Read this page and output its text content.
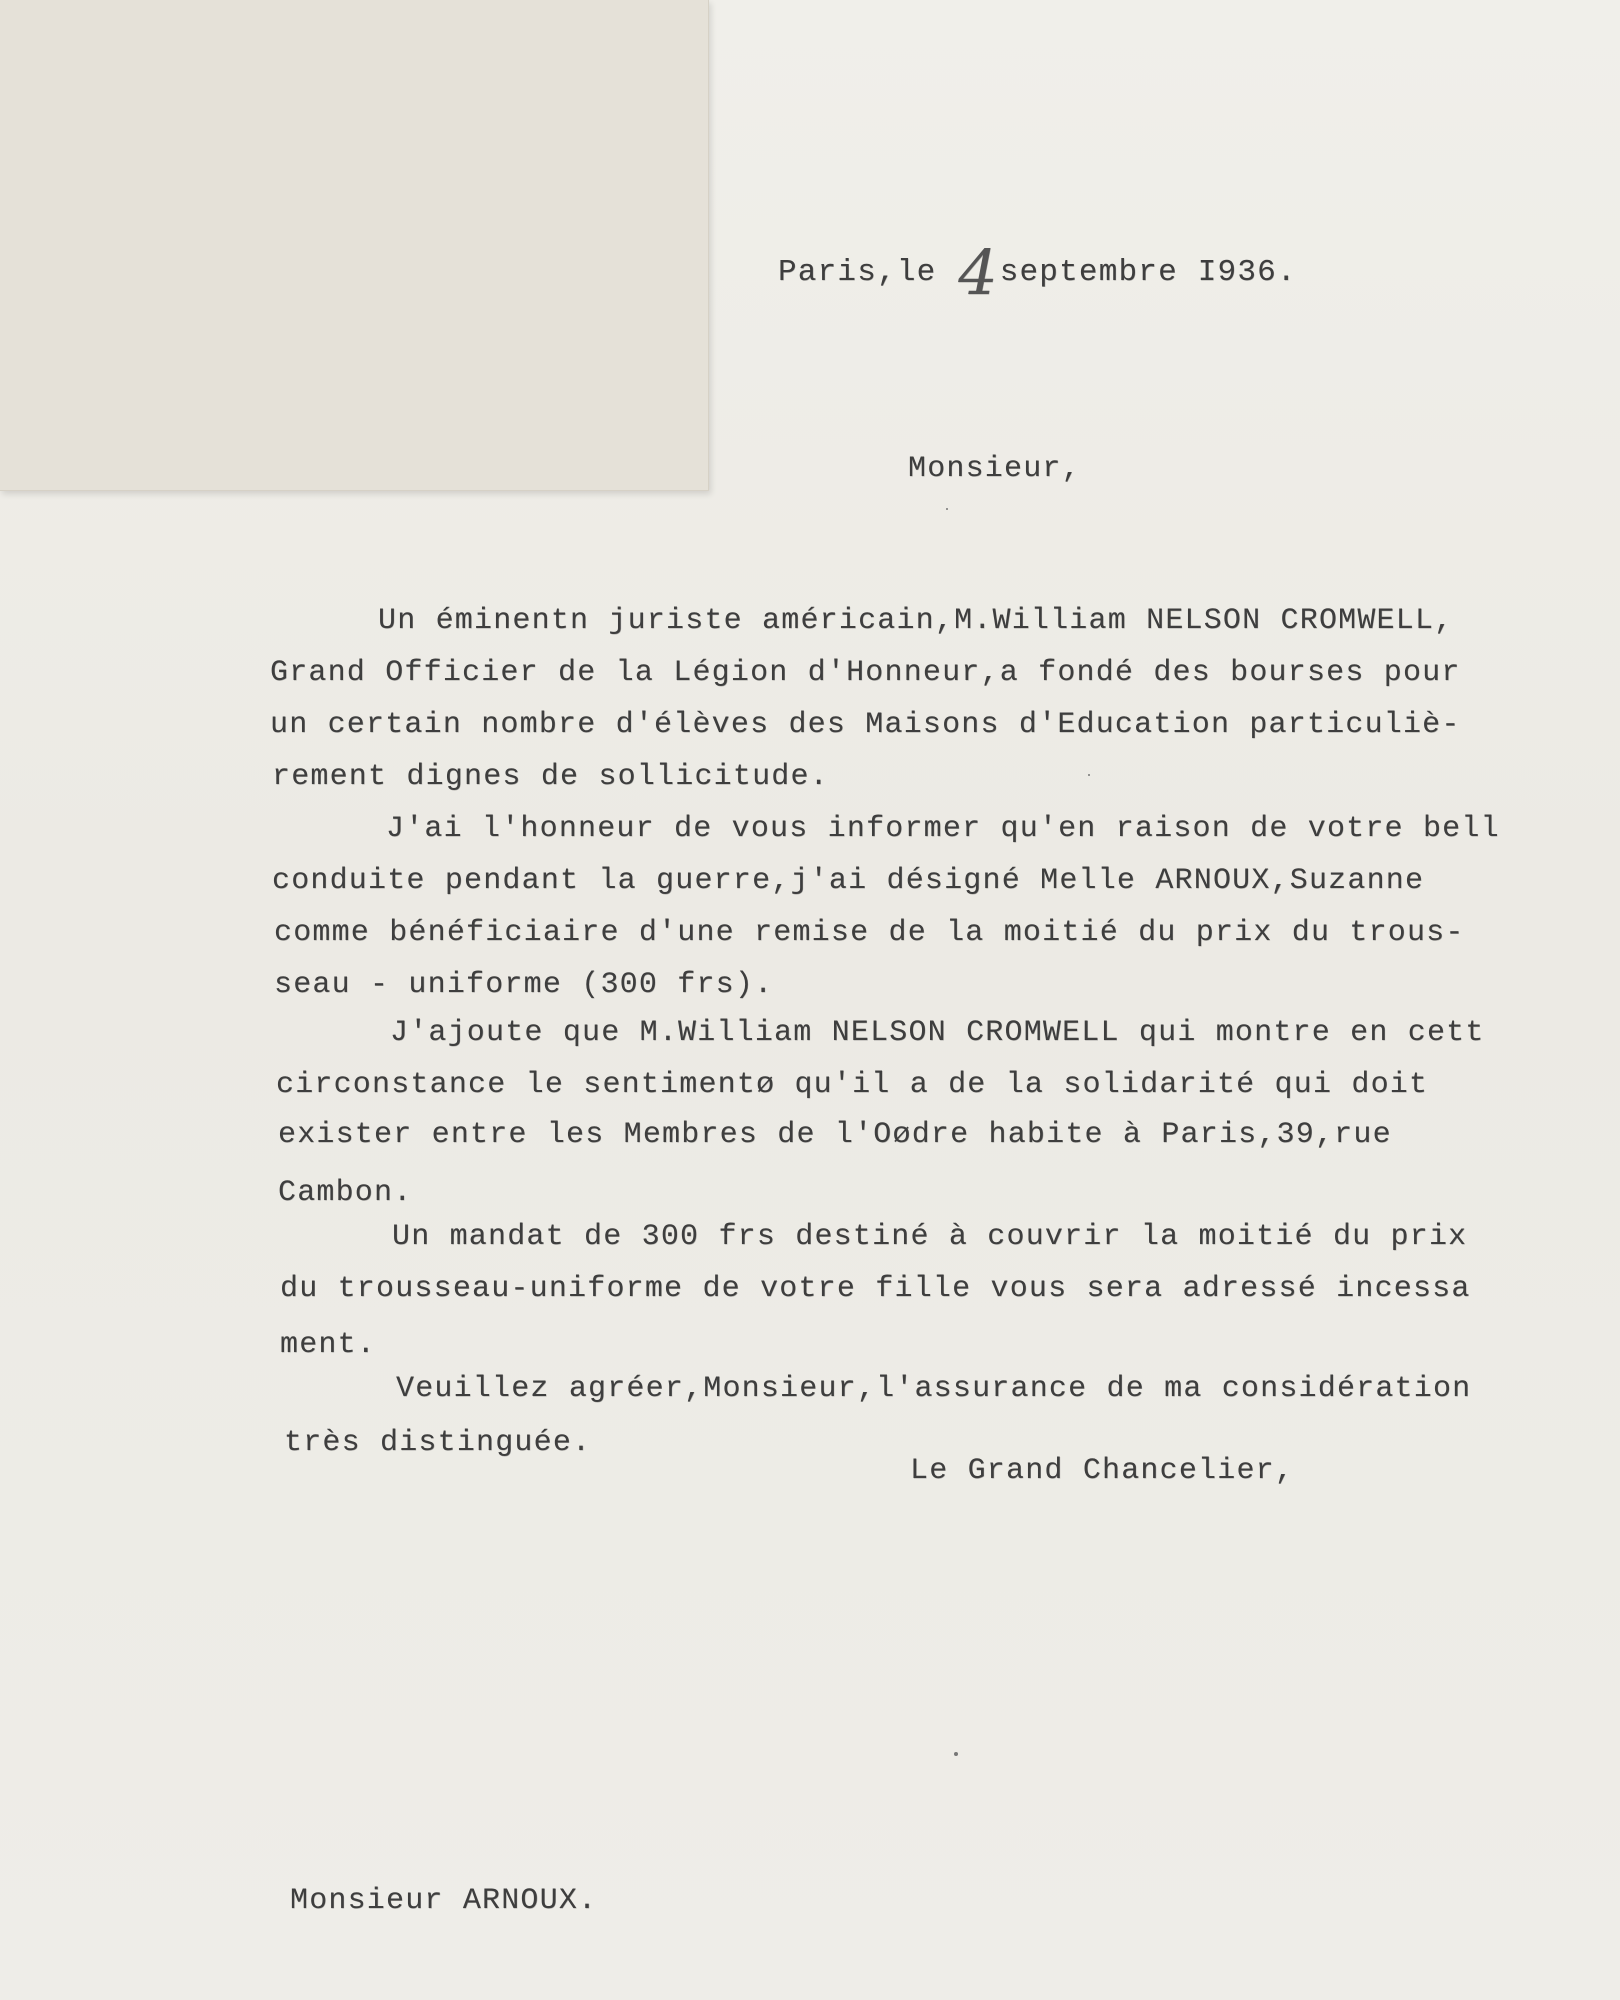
Paris,le 4septembre I936.
Monsieur,
Un éminentn juriste américain,M.William NELSON CROMWELL,
Grand Officier de la Légion d'Honneur,a fondé des bourses pour
un certain nombre d'élèves des Maisons d'Education particuliè-
rement dignes de sollicitude.
J'ai l'honneur de vous informer qu'en raison de votre bell
conduite pendant la guerre,j'ai désigné Melle ARNOUX,Suzanne
comme bénéficiaire d'une remise de la moitié du prix du trous-
seau - uniforme (300 frs).
J'ajoute que M.William NELSON CROMWELL qui montre en cett
circonstance le sentimentø qu'il a de la solidarité qui doit
exister entre les Membres de l'Oødre habite à Paris,39,rue
Cambon.
Un mandat de 300 frs destiné à couvrir la moitié du prix
du trousseau-uniforme de votre fille vous sera adressé incessa
ment.
Veuillez agréer,Monsieur,l'assurance de ma considération
très distinguée.
Le Grand Chancelier,
Monsieur ARNOUX.
